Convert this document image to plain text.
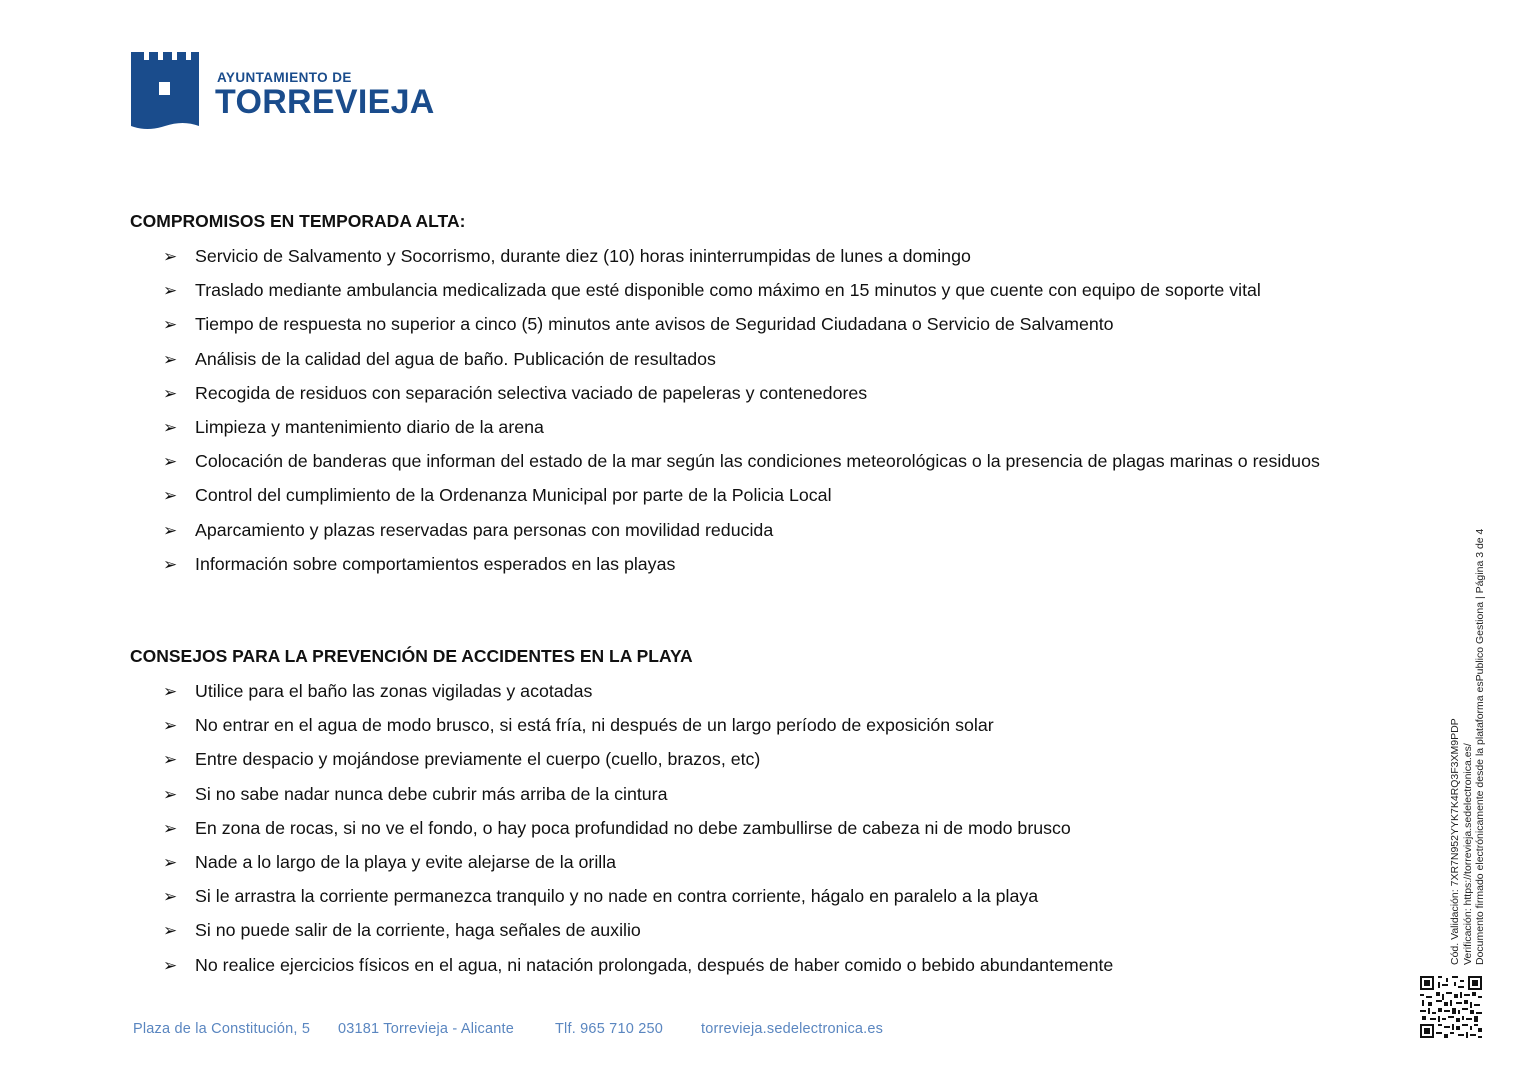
AYUNTAMIENTO DE
TORREVIEJA
COMPROMISOS EN TEMPORADA ALTA:
➢ Servicio de Salvamento y Socorrismo, durante diez (10) horas ininterrumpidas de lunes a domingo
➢ Traslado mediante ambulancia medicalizada que esté disponible como máximo en 15 minutos y que cuente con equipo de soporte vital
➢ Tiempo de respuesta no superior a cinco (5) minutos ante avisos de Seguridad Ciudadana o Servicio de Salvamento
➢ Análisis de la calidad del agua de baño. Publicación de resultados
➢ Recogida de residuos con separación selectiva vaciado de papeleras y contenedores
➢ Limpieza y mantenimiento diario de la arena
➢ Colocación de banderas que informan del estado de la mar según las condiciones meteorológicas o la presencia de plagas marinas o residuos
➢ Control del cumplimiento de la Ordenanza Municipal por parte de la Policia Local
➢ Aparcamiento y plazas reservadas para personas con movilidad reducida
➢ Información sobre comportamientos esperados en las playas
CONSEJOS PARA LA PREVENCIÓN DE ACCIDENTES EN LA PLAYA
➢ Utilice para el baño las zonas vigiladas y acotadas
➢ No entrar en el agua de modo brusco, si está fría, ni después de un largo período de exposición solar
➢ Entre despacio y mojándose previamente el cuerpo (cuello, brazos, etc)
➢ Si no sabe nadar nunca debe cubrir más arriba de la cintura
➢ En zona de rocas, si no ve el fondo, o hay poca profundidad no debe zambullirse de cabeza ni de modo brusco
➢ Nade a lo largo de la playa y evite alejarse de la orilla
➢ Si le arrastra la corriente permanezca tranquilo y no nade en contra corriente, hágalo en paralelo a la playa
➢ Si no puede salir de la corriente, haga señales de auxilio
➢ No realice ejercicios físicos en el agua, ni natación prolongada, después de haber comido o bebido abundantemente	Cód. Validación: 7XR7N952YYK7K4RQ3F3XM9PDP Verificación: https://torrevieja.sedelectronica.es/ Documento firmado electrónicamente desde la plataforma esPublico Gestiona | Página 3 de 4
Plaza de la Constitución, 5 03181 Torrevieja - Alicante	Tlf. 965 710 250	torrevieja.sedelectronica.es
